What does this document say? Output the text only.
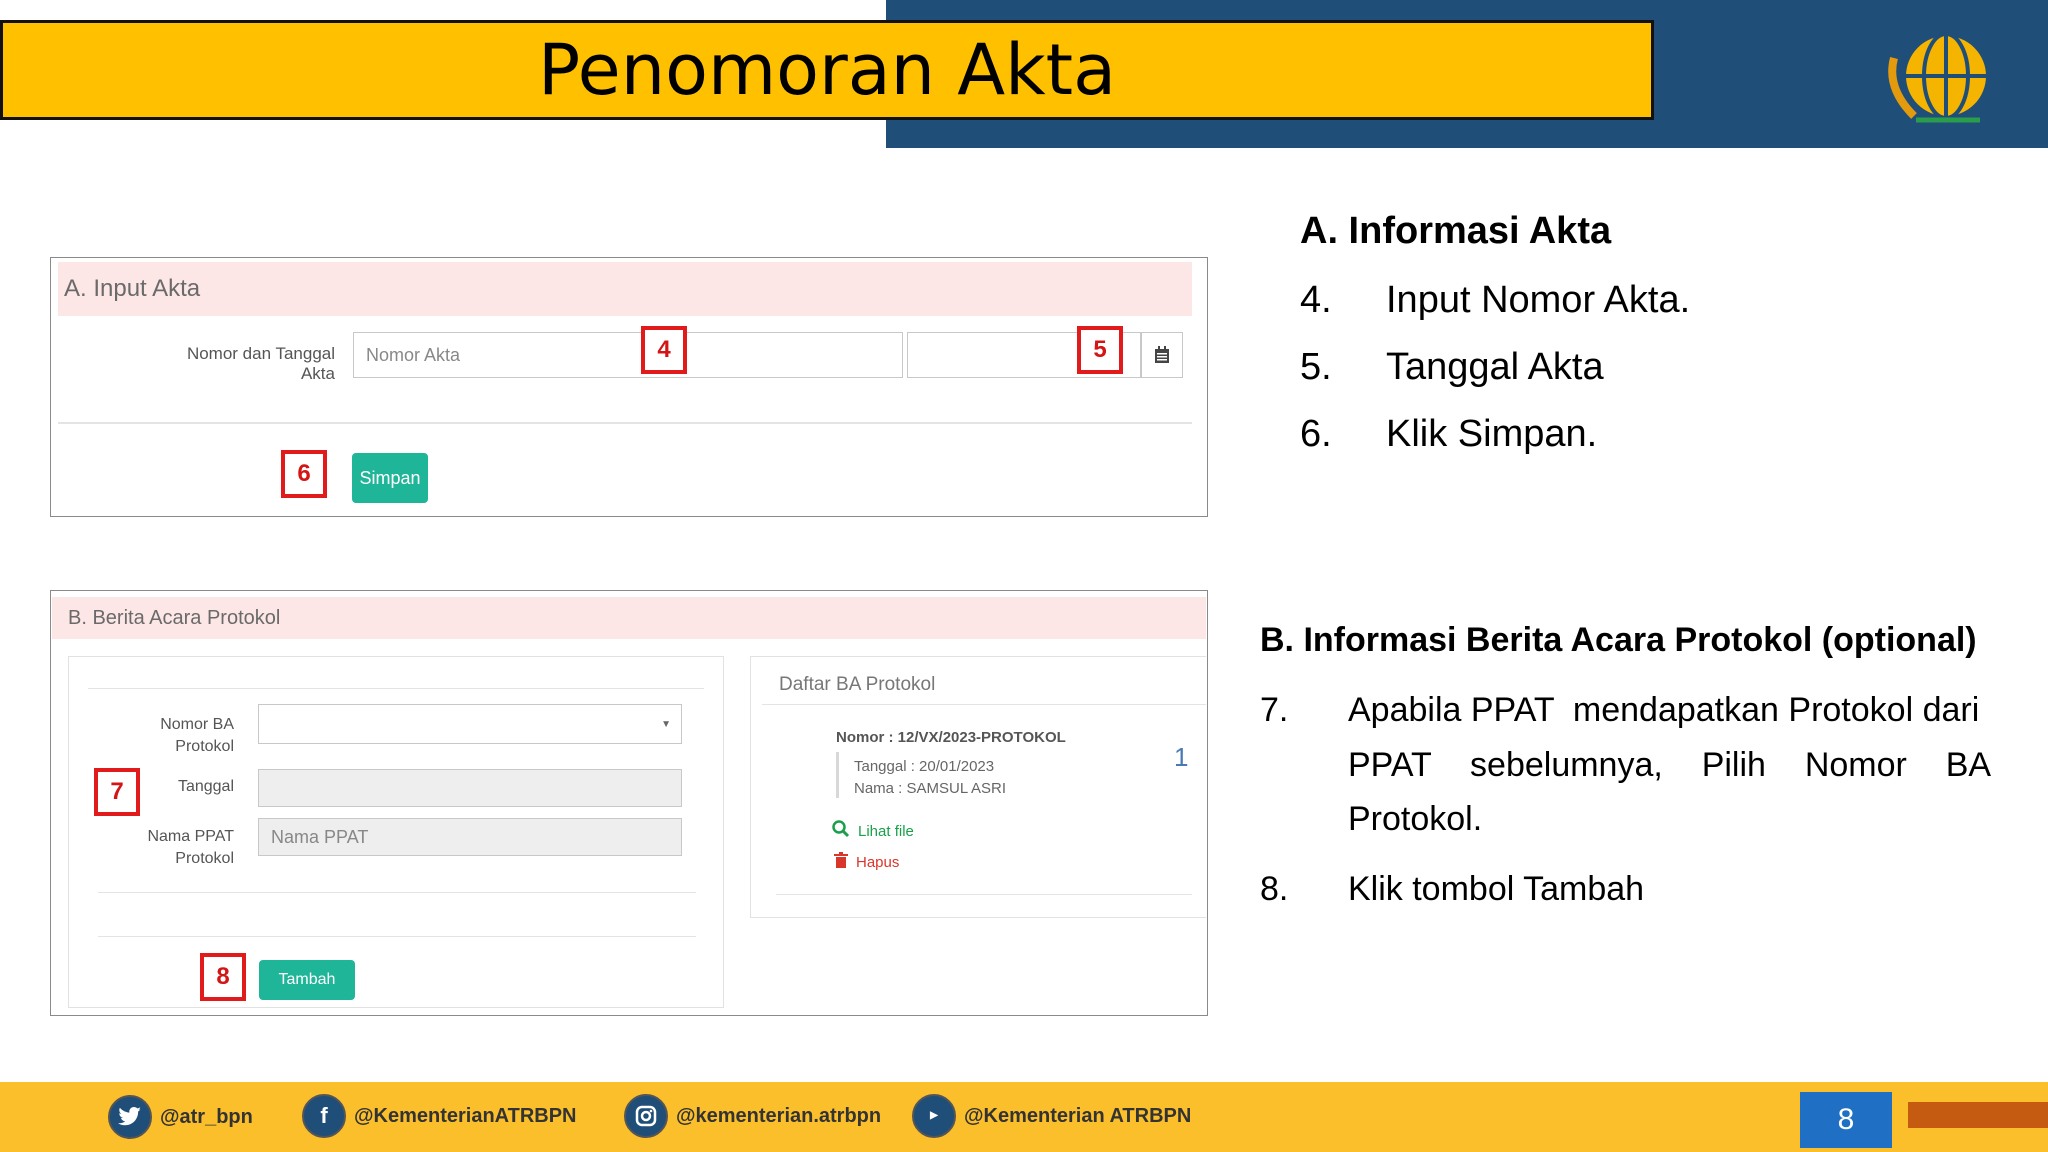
Penomoran Akta
A. Input Akta
Nomor dan Tanggal Akta
Nomor Akta
Simpan
4	5
6
B. Berita Acara Protokol
Nomor BA Protokol
▼
Tanggal
Nama PPAT Protokol
Nama PPAT
Tambah
7
8
Daftar BA Protokol
Nomor : 12/VX/2023-PROTOKOL
Tanggal : 20/01/2023
Nama : SAMSUL ASRI
1
Lihat file
Hapus
A. Informasi Akta
4. Input Nomor Akta.
5. Tanggal Akta
6. Klik Simpan.
B. Informasi Berita Acara Protokol (optional)
7. Apabila PPAT  mendapatkan Protokol dari
PPAT  sebelumnya,  Pilih  Nomor  BA
Protokol.
8. Klik tombol Tambah
@atr_bpn	f	@KementerianATRBPN	@kementerian.atrbpn	▶	@Kementerian ATRBPN	8
